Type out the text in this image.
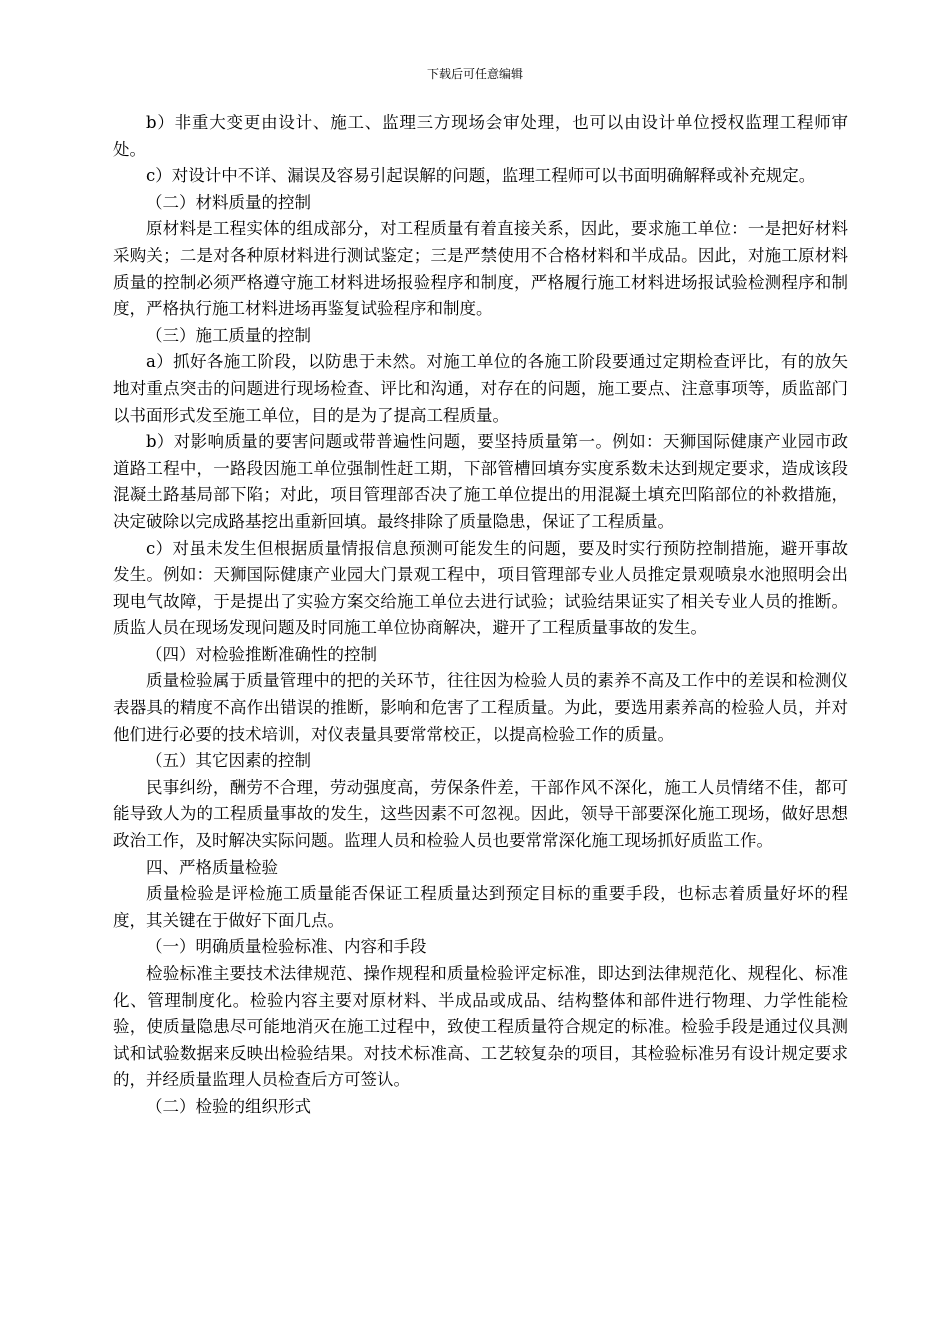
下载后可任意编辑

b）非重大变更由设计、施工、监理三方现场会审处理，也可以由设计单位授权监理工程师审处。

c）对设计中不详、漏误及容易引起误解的问题，监理工程师可以书面明确解释或补充规定。

（二）材料质量的控制

原材料是工程实体的组成部分，对工程质量有着直接关系，因此，要求施工单位：一是把好材料采购关；二是对各种原材料进行测试鉴定；三是严禁使用不合格材料和半成品。因此，对施工原材料质量的控制必须严格遵守施工材料进场报验程序和制度，严格履行施工材料进场报试验检测程序和制度，严格执行施工材料进场再鉴复试验程序和制度。

（三）施工质量的控制

a）抓好各施工阶段，以防患于未然。对施工单位的各施工阶段要通过定期检查评比，有的放矢地对重点突击的问题进行现场检查、评比和沟通，对存在的问题，施工要点、注意事项等，质监部门以书面形式发至施工单位，目的是为了提高工程质量。

b）对影响质量的要害问题或带普遍性问题，要坚持质量第一。例如：天狮国际健康产业园市政道路工程中，一路段因施工单位强制性赶工期，下部管槽回填夯实度系数未达到规定要求，造成该段混凝土路基局部下陷；对此，项目管理部否决了施工单位提出的用混凝土填充凹陷部位的补救措施，决定破除以完成路基挖出重新回填。最终排除了质量隐患，保证了工程质量。

c）对虽未发生但根据质量情报信息预测可能发生的问题，要及时实行预防控制措施，避开事故发生。例如：天狮国际健康产业园大门景观工程中，项目管理部专业人员推定景观喷泉水池照明会出现电气故障，于是提出了实验方案交给施工单位去进行试验；试验结果证实了相关专业人员的推断。质监人员在现场发现问题及时同施工单位协商解决，避开了工程质量事故的发生。

（四）对检验推断准确性的控制

质量检验属于质量管理中的把的关环节，往往因为检验人员的素养不高及工作中的差误和检测仪表器具的精度不高作出错误的推断，影响和危害了工程质量。为此，要选用素养高的检验人员，并对他们进行必要的技术培训，对仪表量具要常常校正，以提高检验工作的质量。

（五）其它因素的控制

民事纠纷，酬劳不合理，劳动强度高，劳保条件差，干部作风不深化，施工人员情绪不佳，都可能导致人为的工程质量事故的发生，这些因素不可忽视。因此，领导干部要深化施工现场，做好思想政治工作，及时解决实际问题。监理人员和检验人员也要常常深化施工现场抓好质监工作。

四、严格质量检验

质量检验是评检施工质量能否保证工程质量达到预定目标的重要手段，也标志着质量好坏的程度，其关键在于做好下面几点。

（一）明确质量检验标准、内容和手段

检验标准主要技术法律规范、操作规程和质量检验评定标准，即达到法律规范化、规程化、标准化、管理制度化。检验内容主要对原材料、半成品或成品、结构整体和部件进行物理、力学性能检验，使质量隐患尽可能地消灭在施工过程中，致使工程质量符合规定的标准。检验手段是通过仪具测试和试验数据来反映出检验结果。对技术标准高、工艺较复杂的项目，其检验标准另有设计规定要求的，并经质量监理人员检查后方可签认。

（二）检验的组织形式
